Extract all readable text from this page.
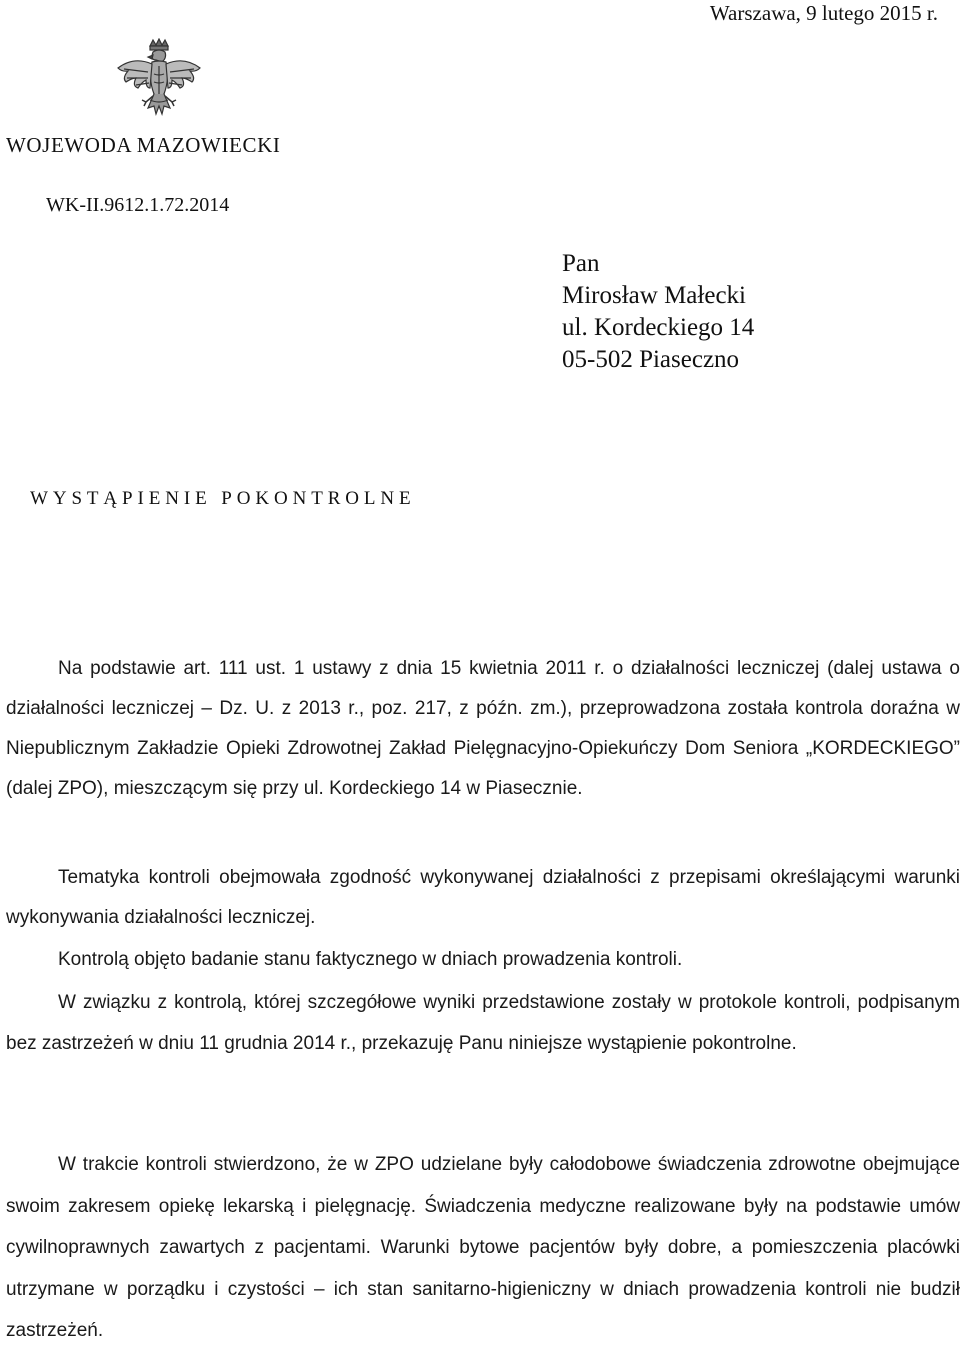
Warszawa, 9 lutego 2015 r.
WOJEWODA MAZOWIECKI
WK-II.9612.1.72.2014
Pan
Mirosław Małecki
ul. Kordeckiego 14
05-502 Piaseczno
WYSTĄPIENIE POKONTROLNE
Na podstawie art. 111 ust. 1 ustawy z dnia 15 kwietnia 2011 r. o działalności leczniczej (dalej ustawa o działalności leczniczej – Dz. U. z 2013 r., poz. 217, z późn. zm.), przeprowadzona została kontrola doraźna w Niepublicznym Zakładzie Opieki Zdrowotnej Zakład Pielęgnacyjno-Opiekuńczy Dom Seniora „KORDECKIEGO” (dalej ZPO), mieszczącym się przy ul. Kordeckiego 14 w Piasecznie.
Tematyka kontroli obejmowała zgodność wykonywanej działalności z przepisami określającymi warunki wykonywania działalności leczniczej.
Kontrolą objęto badanie stanu faktycznego w dniach prowadzenia kontroli.
W związku z kontrolą, której szczegółowe wyniki przedstawione zostały w protokole kontroli, podpisanym bez zastrzeżeń w dniu 11 grudnia 2014 r., przekazuję Panu niniejsze wystąpienie pokontrolne.
W trakcie kontroli stwierdzono, że w ZPO udzielane były całodobowe świadczenia zdrowotne obejmujące swoim zakresem opiekę lekarską i pielęgnację. Świadczenia medyczne realizowane były na podstawie umów cywilnoprawnych zawartych z pacjentami. Warunki bytowe pacjentów były dobre, a pomieszczenia placówki utrzymane w porządku i czystości – ich stan sanitarno-higieniczny w dniach prowadzenia kontroli nie budził zastrzeżeń.
